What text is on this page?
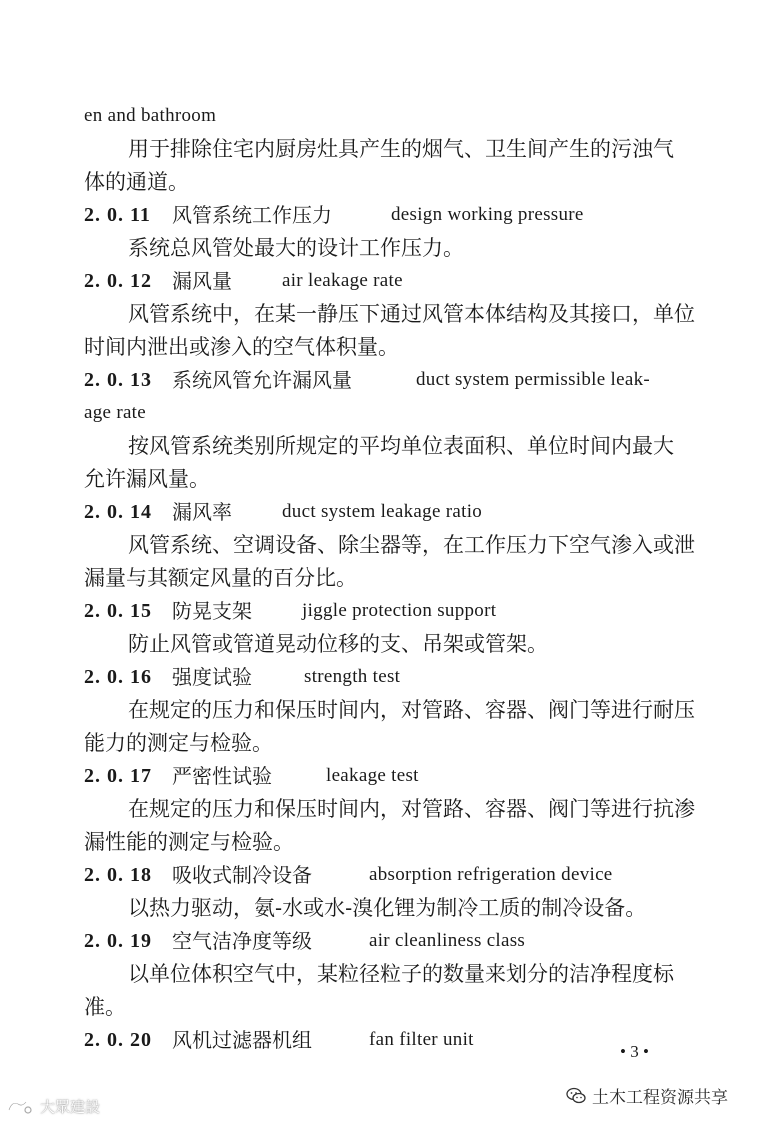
en and bathroom
用于排除住宅内厨房灶具产生的烟气、卫生间产生的污浊气
体的通道。
2. 0. 11 风管系统工作压力	design working pressure
系统总风管处最大的设计工作压力。
2. 0. 12 漏风量	air leakage rate
风管系统中，在某一静压下通过风管本体结构及其接口，单位
时间内泄出或渗入的空气体积量。
2. 0. 13 系统风管允许漏风量	duct system permissible leak-
age rate
按风管系统类别所规定的平均单位表面积、单位时间内最大
允许漏风量。
2. 0. 14 漏风率	duct system leakage ratio
风管系统、空调设备、除尘器等，在工作压力下空气渗入或泄
漏量与其额定风量的百分比。
2. 0. 15 防晃支架	jiggle protection support
防止风管或管道晃动位移的支、吊架或管架。
2. 0. 16 强度试验	strength test
在规定的压力和保压时间内，对管路、容器、阀门等进行耐压
能力的测定与检验。
2. 0. 17 严密性试验	leakage test
在规定的压力和保压时间内，对管路、容器、阀门等进行抗渗
漏性能的测定与检验。
2. 0. 18 吸收式制冷设备	absorption refrigeration device
以热力驱动，氨-水或水-溴化锂为制冷工质的制冷设备。
2. 0. 19 空气洁净度等级	air cleanliness class
以单位体积空气中，某粒径粒子的数量来划分的洁净程度标
准。
2. 0. 20 风机过滤器机组	fan filter unit
• 3 •
土木工程资源共享
大眾建設
